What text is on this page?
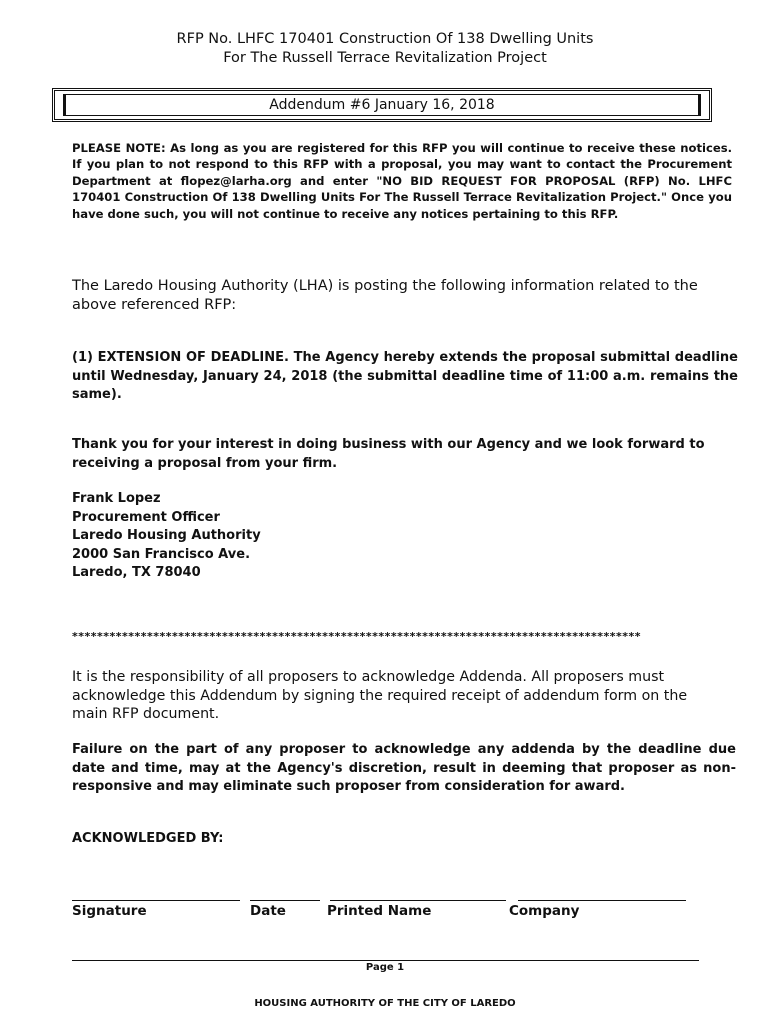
RFP No. LHFC 170401 Construction Of 138 Dwelling Units
For The Russell Terrace Revitalization Project
Addendum #6 January 16, 2018
PLEASE NOTE: As long as you are registered for this RFP you will continue to receive these notices. If you plan to not respond to this RFP with a proposal, you may want to contact the Procurement Department at flopez@larha.org and enter "NO BID REQUEST FOR PROPOSAL (RFP) No. LHFC 170401 Construction Of 138 Dwelling Units For The Russell Terrace Revitalization Project." Once you have done such, you will not continue to receive any notices pertaining to this RFP.
The Laredo Housing Authority (LHA) is posting the following information related to the above referenced RFP:
(1) EXTENSION OF DEADLINE. The Agency hereby extends the proposal submittal deadline until Wednesday, January 24, 2018 (the submittal deadline time of 11:00 a.m. remains the same).
Thank you for your interest in doing business with our Agency and we look forward to receiving a proposal from your firm.
Frank Lopez
Procurement Officer
Laredo Housing Authority
2000 San Francisco Ave.
Laredo, TX 78040
*******************************************************************************************
It is the responsibility of all proposers to acknowledge Addenda. All proposers must acknowledge this Addendum by signing the required receipt of addendum form on the main RFP document.
Failure on the part of any proposer to acknowledge any addenda by the deadline due date and time, may at the Agency's discretion, result in deeming that proposer as non-responsive and may eliminate such proposer from consideration for award.
ACKNOWLEDGED BY:
Signature	Date	Printed Name	Company
Page 1
HOUSING AUTHORITY OF THE CITY OF LAREDO
